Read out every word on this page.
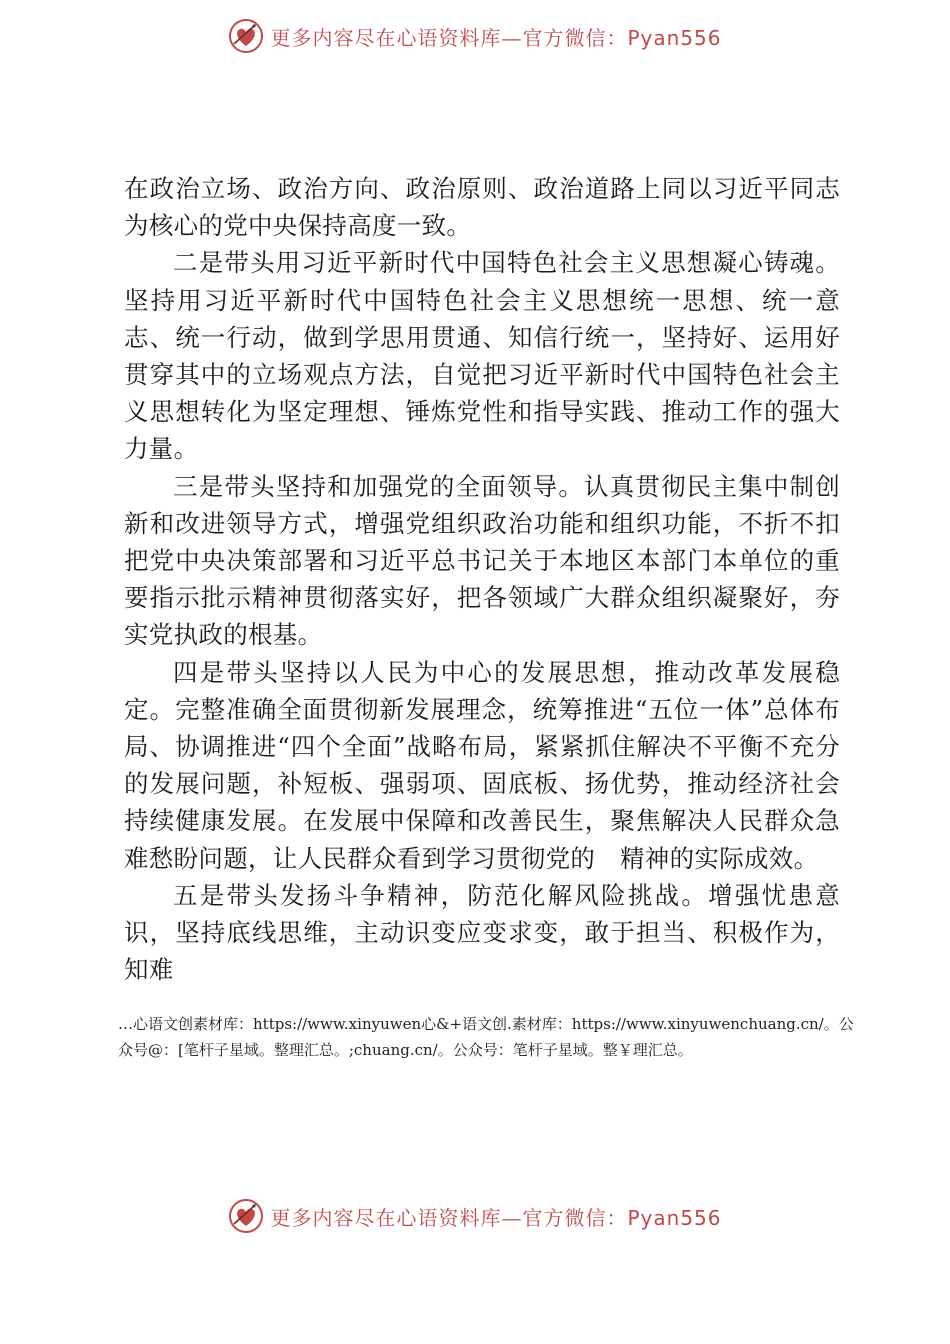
更多内容尽在心语资料库—官方微信：Pyan556

在政治立场、政治方向、政治原则、政治道路上同以习近平同志为核心的党中央保持高度一致。

二是带头用习近平新时代中国特色社会主义思想凝心铸魂。坚持用习近平新时代中国特色社会主义思想统一思想、统一意志、统一行动，做到学思用贯通、知信行统一，坚持好、运用好贯穿其中的立场观点方法，自觉把习近平新时代中国特色社会主义思想转化为坚定理想、锤炼党性和指导实践、推动工作的强大力量。

三是带头坚持和加强党的全面领导。认真贯彻民主集中制创新和改进领导方式，增强党组织政治功能和组织功能，不折不扣把党中央决策部署和习近平总书记关于本地区本部门本单位的重要指示批示精神贯彻落实好，把各领域广大群众组织凝聚好，夯实党执政的根基。

四是带头坚持以人民为中心的发展思想，推动改革发展稳定。完整准确全面贯彻新发展理念，统筹推进“五位一体”总体布局、协调推进“四个全面”战略布局，紧紧抓住解决不平衡不充分的发展问题，补短板、强弱项、固底板、扬优势，推动经济社会持续健康发展。在发展中保障和改善民生，聚焦解决人民群众急难愁盼问题，让人民群众看到学习贯彻党的　精神的实际成效。

五是带头发扬斗争精神，防范化解风险挑战。增强忧患意识，坚持底线思维，主动识变应变求变，敢于担当、积极作为，知难

…心语文创素材库：https://www.xinyuwen心&+语文创.素材库：https://www.xinyuwenchuang.cn/。公众号@：[笔杆子星域。整理汇总。;chuang.cn/。公众号：笔杆子星域。整￥理汇总。
更多内容尽在心语资料库—官方微信：Pyan556
